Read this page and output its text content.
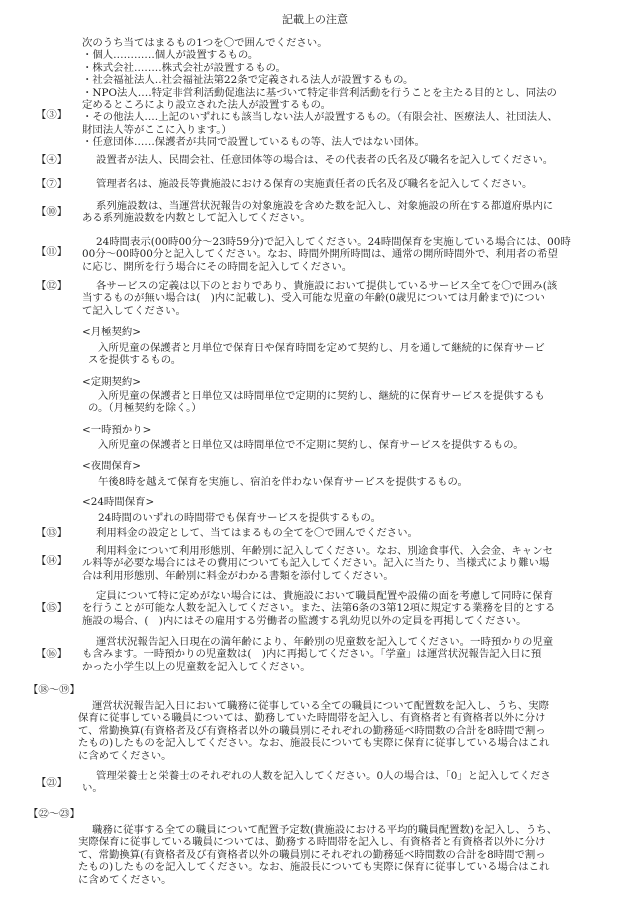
記載上の注意
【③】
次のうち当てはまるもの1つを〇で囲んでください。
・個人‥‥‥‥‥‥個人が設置するもの。
・株式会社‥‥‥‥株式会社が設置するもの。
・社会福祉法人‥社会福祉法第22条で定義される法人が設置するもの。
・NPO法人‥‥特定非営利活動促進法に基づいて特定非営利活動を行うことを主たる目的とし、同法の
定めるところにより設立された法人が設置するもの。
・その他法人‥‥上記のいずれにも該当しない法人が設置するもの。（有限会社、医療法人、社団法人、
財団法人等がここに入ります。）
・任意団体‥‥‥保護者が共同で設置しているもの等、法人ではない団体。
【④】	設置者が法人、民間会社、任意団体等の場合は、その代表者の氏名及び職名を記入してください。
【⑦】	管理者名は、施設長等貴施設における保育の実施責任者の氏名及び職名を記入してください。
【⑩】	系列施設数は、当運営状況報告の対象施設を含めた数を記入し、対象施設の所在する都道府県内に
ある系列施設数を内数として記入してください。
【⑪】
24時間表示(00時00分～23時59分)で記入してください。24時間保育を実施している場合には、00時
00分～00時00分と記入してください。なお、時間外開所時間は、通常の開所時間外で、利用者の希望
に応じ、開所を行う場合にその時間を記入してください。
【⑫】	各サービスの定義は以下のとおりであり、貴施設において提供しているサービス全てを〇で囲み(該
当するものが無い場合は(　)内に記載し)、受入可能な児童の年齢(0歳児については月齢まで)につい
て記入してください。
<月極契約>
入所児童の保護者と月単位で保育日や保育時間を定めて契約し、月を通して継続的に保育サービ
スを提供するもの。
<定期契約>
入所児童の保護者と日単位又は時間単位で定期的に契約し、継続的に保育サービスを提供するも
の。（月極契約を除く。）
<一時預かり>
入所児童の保護者と日単位又は時間単位で不定期に契約し、保育サービスを提供するもの。
<夜間保育>
午後8時を越えて保育を実施し、宿泊を伴わない保育サービスを提供するもの。
<24時間保育>
24時間のいずれの時間帯でも保育サービスを提供するもの。
【⑬】	利用料金の設定として、当てはまるもの全てを〇で囲んでください。
【⑭】
利用料金について利用形態別、年齢別に記入してください。なお、別途食事代、入会金、キャンセ
ル料等が必要な場合にはその費用についても記入してください。記入に当たり、当様式により難い場
合は利用形態別、年齢別に料金がわかる書類を添付してください。
【⑮】
定員について特に定めがない場合には、貴施設において職員配置や設備の面を考慮して同時に保育
を行うことが可能な人数を記入してください。また、法第6条の3第12項に規定する業務を目的とする
施設の場合、(　)内にはその雇用する労働者の監護する乳幼児以外の定員を再掲してください。
【⑯】
運営状況報告記入日現在の満年齢により、年齢別の児童数を記入してください。一時預かりの児童
も含みます。一時預かりの児童数は(　)内に再掲してください。「学童」は運営状況報告記入日に預
かった小学生以上の児童数を記入してください。
【⑱～⑲】
運営状況報告記入日において職務に従事している全ての職員について配置数を記入し、うち、実際
保育に従事している職員については、勤務していた時間帯を記入し、有資格者と有資格者以外に分け
て、常勤換算(有資格者及び有資格者以外の職員別にそれぞれの勤務延べ時間数の合計を8時間で割っ
たもの)したものを記入してください。なお、施設長についても実際に保育に従事している場合はこれ
に含めてください。
【㉑】
管理栄養士と栄養士のそれぞれの人数を記入してください。0人の場合は、「0」と記入してくださ
い。
【㉒～㉓】
職務に従事する全ての職員について配置予定数(貴施設における平均的職員配置数)を記入し、うち、
実際保育に従事している職員については、勤務する時間帯を記入し、有資格者と有資格者以外に分け
て、常勤換算(有資格者及び有資格者以外の職員別にそれぞれの勤務延べ時間数の合計を8時間で割っ
たもの)したものを記入してください。なお、施設長についても実際に保育に従事している場合はこれ
に含めてください。
